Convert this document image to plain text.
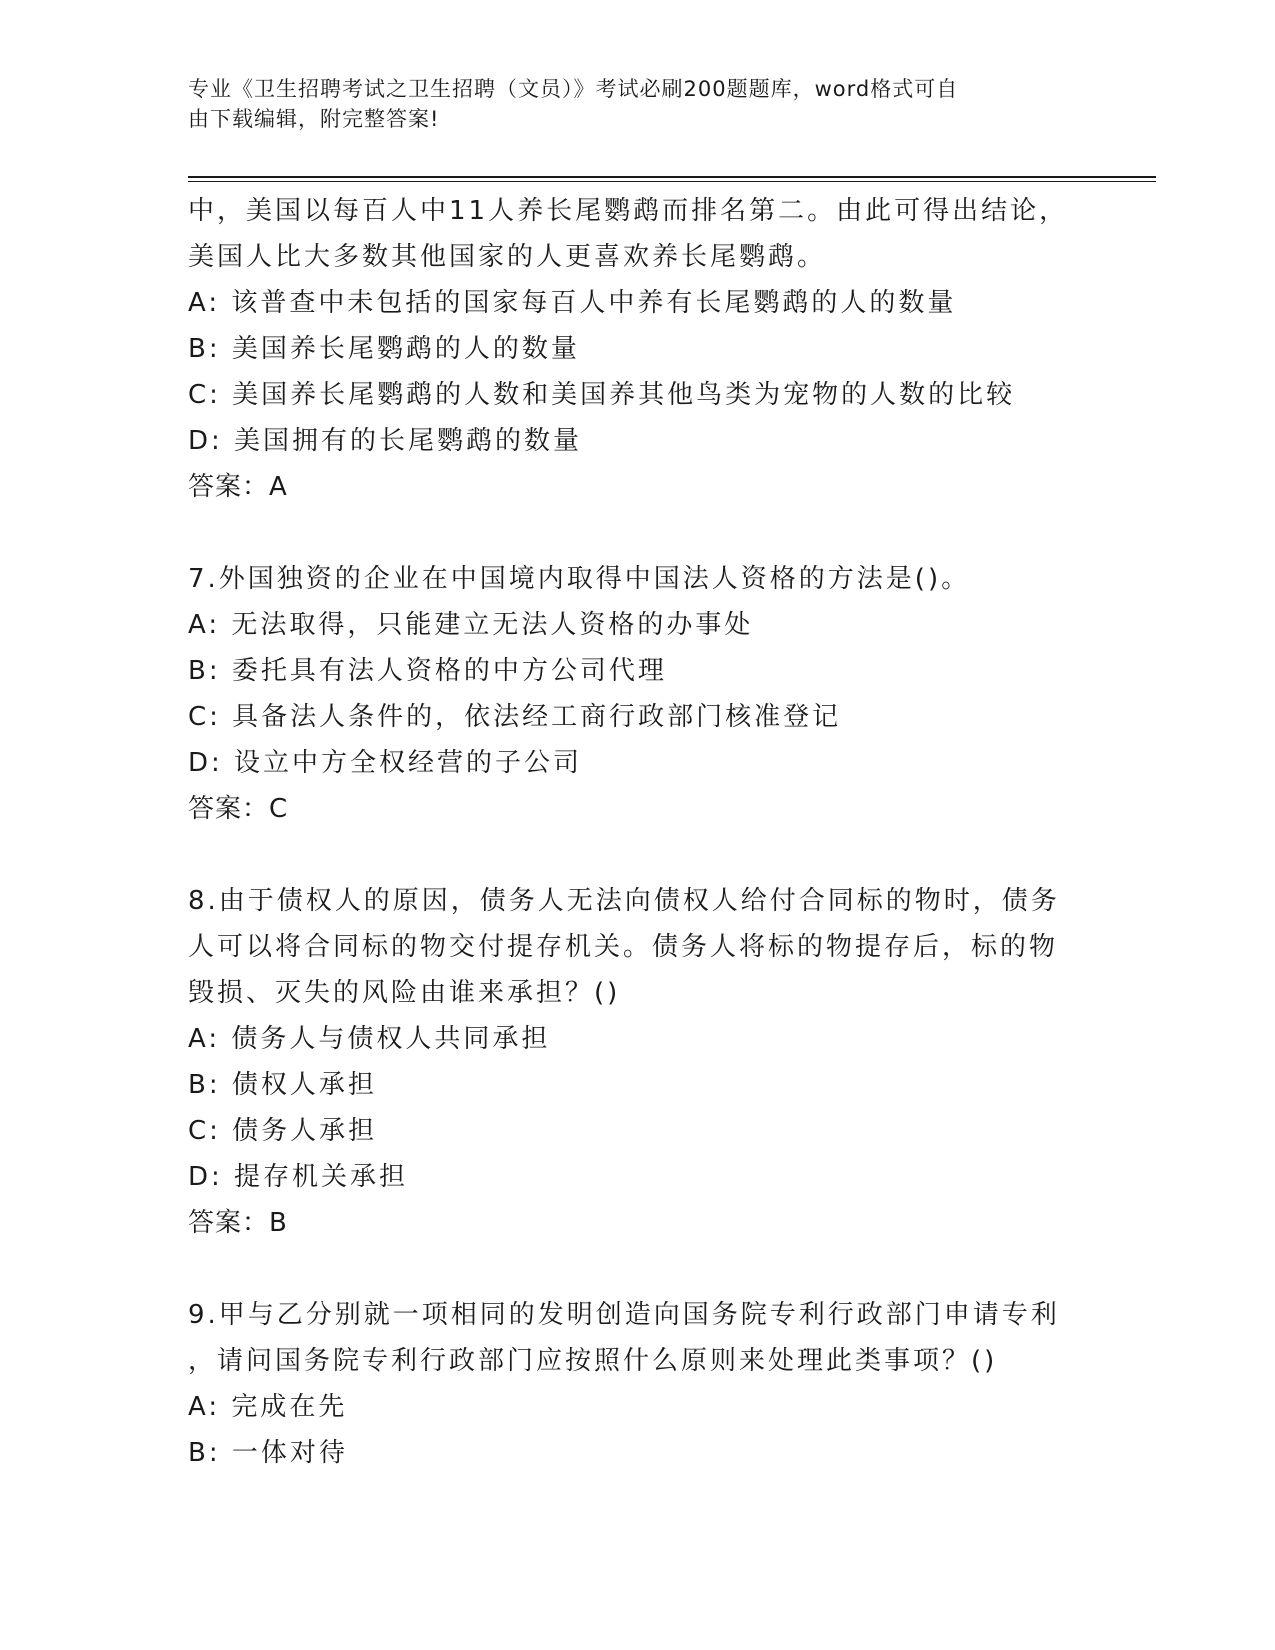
专业《卫生招聘考试之卫生招聘（文员）》考试必刷200题题库，word格式可自
由下载编辑，附完整答案!
中，美国以每百人中11人养长尾鹦鹉而排名第二。由此可得出结论，
美国人比大多数其他国家的人更喜欢养长尾鹦鹉。
A: 该普查中未包括的国家每百人中养有长尾鹦鹉的人的数量
B: 美国养长尾鹦鹉的人的数量
C: 美国养长尾鹦鹉的人数和美国养其他鸟类为宠物的人数的比较
D: 美国拥有的长尾鹦鹉的数量
答案：A
7.外国独资的企业在中国境内取得中国法人资格的方法是()。
A: 无法取得，只能建立无法人资格的办事处
B: 委托具有法人资格的中方公司代理
C: 具备法人条件的，依法经工商行政部门核准登记
D: 设立中方全权经营的子公司
答案：C
8.由于债权人的原因，债务人无法向债权人给付合同标的物时，债务
人可以将合同标的物交付提存机关。债务人将标的物提存后，标的物
毁损、灭失的风险由谁来承担？()
A: 债务人与债权人共同承担
B: 债权人承担
C: 债务人承担
D: 提存机关承担
答案：B
9.甲与乙分别就一项相同的发明创造向国务院专利行政部门申请专利
，请问国务院专利行政部门应按照什么原则来处理此类事项？()
A: 完成在先
B: 一体对待
